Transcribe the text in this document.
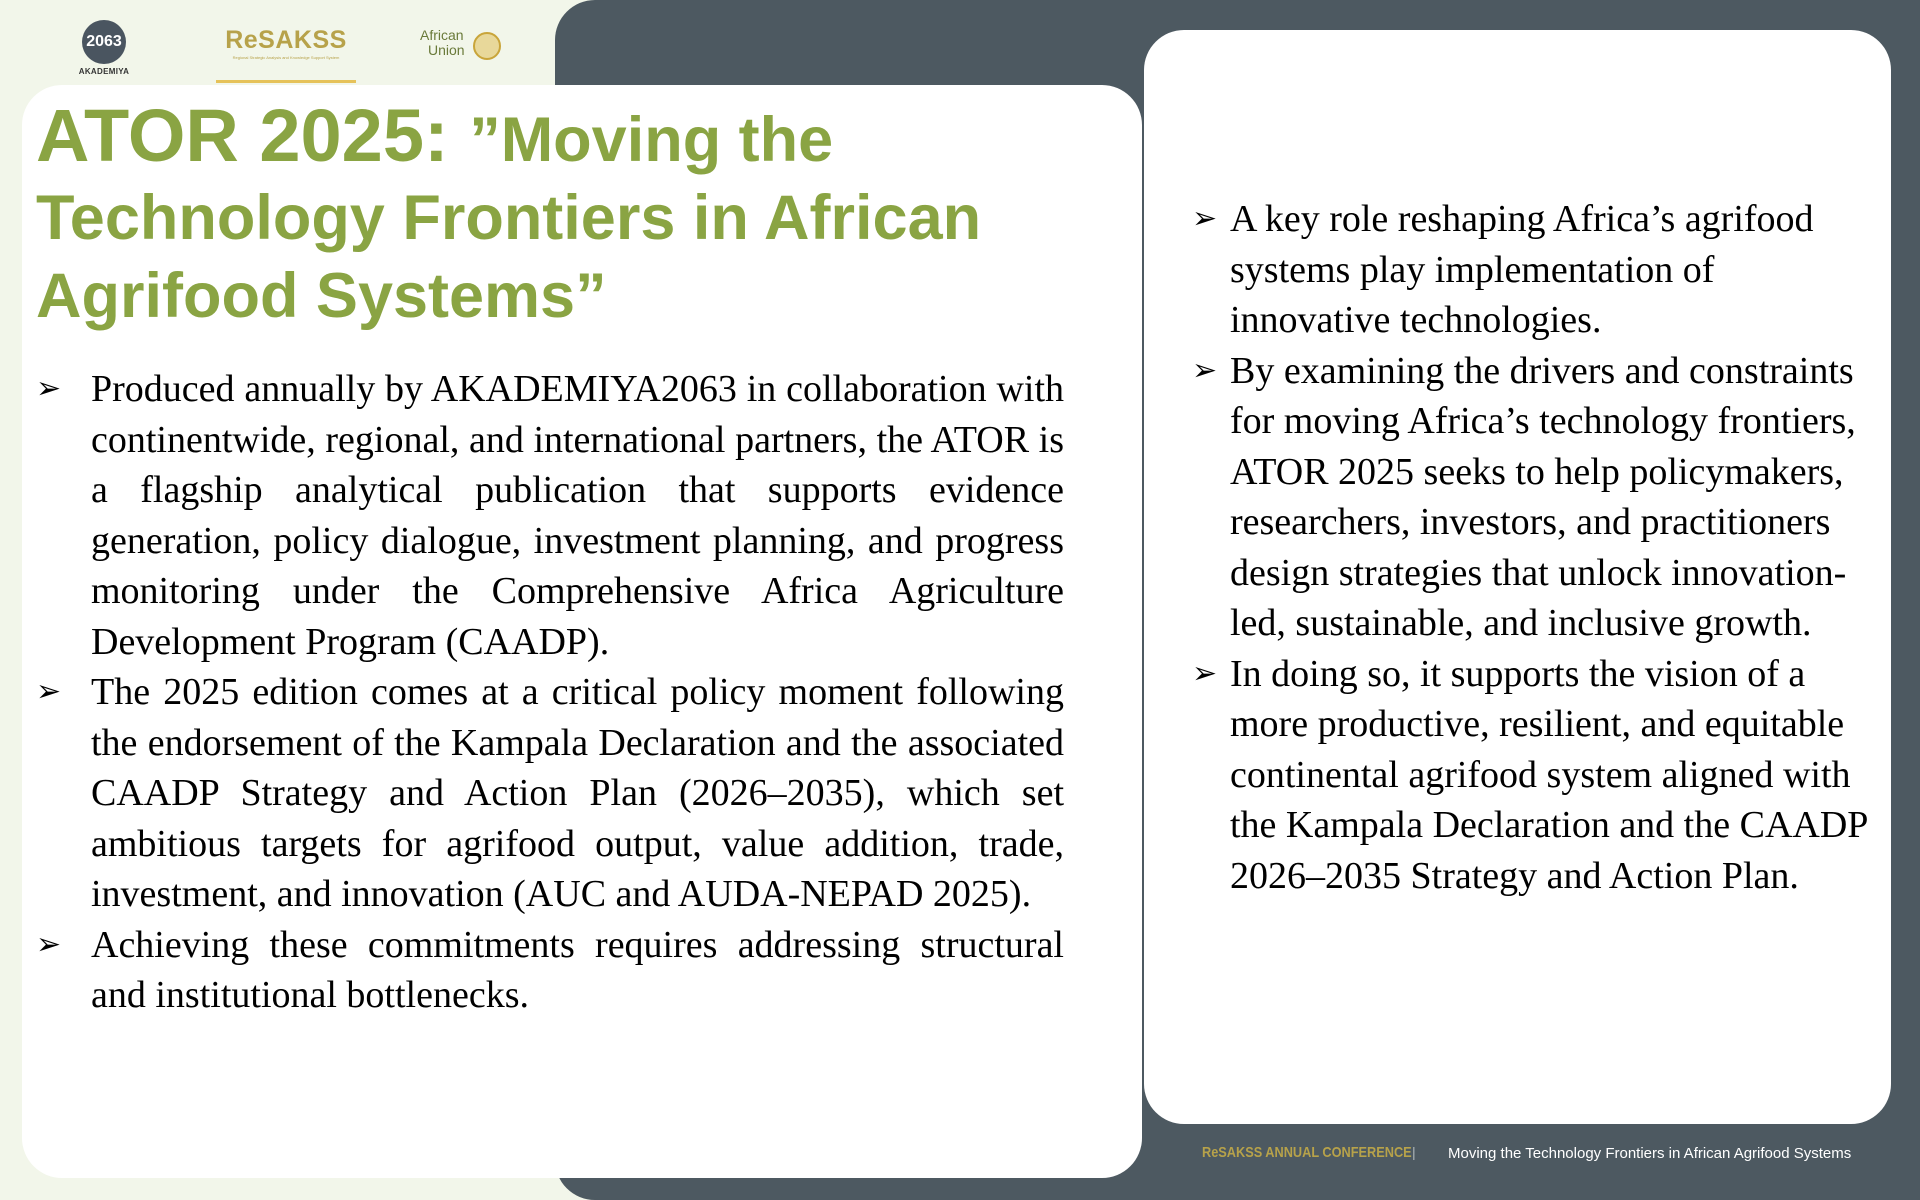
2063
AKADEMIYA
ReSAKSS
Regional Strategic Analysis and Knowledge Support System
African
Union
ATOR 2025: ”Moving the Technology Frontiers in African Agrifood Systems”
➢ Produced annually by AKADEMIYA2063 in collaboration with continentwide, regional, and international partners, the ATOR is a flagship analytical publication that supports evidence generation, policy dialogue, investment planning, and progress monitoring under the Comprehensive Africa Agriculture Development Program (CAADP).
➢ The 2025 edition comes at a critical policy moment following the endorsement of the Kampala Declaration and the associated CAADP Strategy and Action Plan (2026–2035), which set ambitious targets for agrifood output, value addition, trade, investment, and innovation (AUC and AUDA-NEPAD 2025).
➢ Achieving these commitments requires addressing structural and institutional bottlenecks.
➢ A key role reshaping Africa’s agrifood systems play implementation of innovative technologies.
➢ By examining the drivers and constraints for moving Africa’s technology frontiers, ATOR 2025 seeks to help policymakers, researchers, investors, and practitioners design strategies that unlock innovation-led, sustainable, and inclusive growth.
➢ In doing so, it supports the vision of a more productive, resilient, and equitable continental agrifood system aligned with the Kampala Declaration and the CAADP 2026–2035 Strategy and Action Plan.
ReSAKSS ANNUAL CONFERENCE | Moving the Technology Frontiers in African Agrifood Systems
